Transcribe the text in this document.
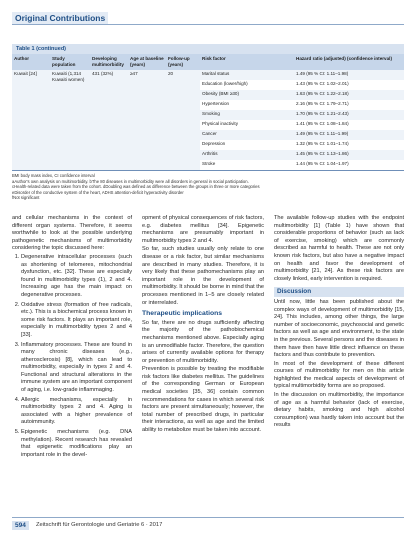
Original Contributions
Table 1 (continued)
Author	Study population	Developing multimorbidity	Age at baseline (years)	Follow-up (years)	Risk factor	Hazard ratio (adjusted) (confidence interval)
Kuwait [24]	Kuwaiti (1,314 Kuwaiti women)	431 (32%)	≥47	20	Marital status	1.49 (95 % CI: 1.11–1.98)
					Education (lower/high)	1.43 (95 % CI: 1.02–2.01)
					Obesity (BMI ≥30)	1.63 (95 % CI: 1.22–2.18)
					Hypertension	2.16 (95 % CI: 1.79–2.71)
					Smoking	1.70 (95 % CI: 1.21–2.43)
					Physical inactivity	1.41 (95 % CI: 1.08–1.84)
					Cancer	1.49 (95 % CI: 1.11–1.99)
					Depression	1.32 (95 % CI: 1.01–1.74)
					Arthritis	1.45 (95 % CI: 1.13–1.86)
					Stroke	1.44 (95 % CI: 1.04–1.97)
BMI body mass index, CI confidence interval
aAuthor's own analysis on multimorbidity. bThe 80 diseases in multimorbidity were all disorders in general in social participation.
cHealth-related data were taken from the cohort. dDoubling was defined as difference between the groups in three or more categories
eDisorder of the conductive system of the heart, ADHS attention-deficit hyperactivity disorder
fNot significant

and cellular mechanisms in the context of different organ systems. Therefore, it seems worthwhile to look at the possible underlying pathogenetic mechanisms of multimorbidity considering the topic discussed here:

1. Degenerative intracellular processes (such as shortening of telomeres, mitochondrial dysfunction, etc. [32]. These are especially found in multimorbidity types (1), 2 and 4. Increasing age has the main impact on degenerative processes.
2. Oxidative stress (formation of free radicals, etc.). This is a biochemical process known in some risk factors. It plays an important role, especially in multimorbidity types 2 and 4 [33].
3. Inflammatory processes. These are found in many chronic diseases (e.g., atherosclerosis) [8], which can lead to multimorbidity, especially in types 2 and 4. Functional and structural alterations in the immune system are an important component of aging, i.e. low-grade inflammaging.
4. Allergic mechanisms, especially in multimorbidity types 2 and 4. Aging is associated with a higher prevalence of autoimmunity.
5. Epigenetic mechanisms (e.g. DNA methylation). Recent research has revealed that epigenetic modifications play an important role in the devel-

opment of physical consequences of risk factors, e.g. diabetes mellitus [34]. Epigenetic mechanisms are presumably important in multimorbidity types 2 and 4.

So far, such studies usually only relate to one disease or a risk factor, but similar mechanisms are described in many studies. Therefore, it is very likely that these pathomechanisms play an important role in the development of multimorbidity. It should be borne in mind that the processes mentioned in 1–5 are closely related or interrelated.

Therapeutic implications

So far, there are no drugs sufficiently affecting the majority of the pathobiochemical mechanisms mentioned above. Especially aging is an unmodifiable factor. Therefore, the question arises of currently available options for therapy or prevention of multimorbidity.

Prevention is possible by treating the modifiable risk factors like diabetes mellitus. The guidelines of the corresponding German or European medical societies [35, 36] contain common recommendations for cases in which several risk factors are present simultaneously; however, the total number of prescribed drugs, in particular their interactions, as well as age and the limited ability to metabolize must be taken into account.

The available follow-up studies with the endpoint multimorbidity [1] (Table 1) have shown that considerable proportions of behavior (such as lack of exercise, smoking) which are commonly described as harmful to health. These are not only known risk factors, but also have a negative impact on health and favor the development of multimorbidity [21, 24]. As these risk factors are closely linked, early intervention is required.

Discussion

Until now, little has been published about the complex ways of development of multimorbidity [15, 24]. This includes, among other things, the large number of socioeconomic, psychosocial and genetic factors as well as age and environment, to the state in the previous. Several persons and the diseases in them have then have little direct influence on these factors and thus contribute to prevention.

In most of the development of these different courses of multimorbidity for men on this article highlighted the medical aspects of development of typical multimorbidity forms are so proposed.

In the discussion on multimorbidity, the importance of age as a harmful behavior (lack of exercise, dietary habits, smoking and high alcohol consumption) was hardly taken into account but the results

594	Zeitschrift für Gerontologie und Geriatrie 6 · 2017
